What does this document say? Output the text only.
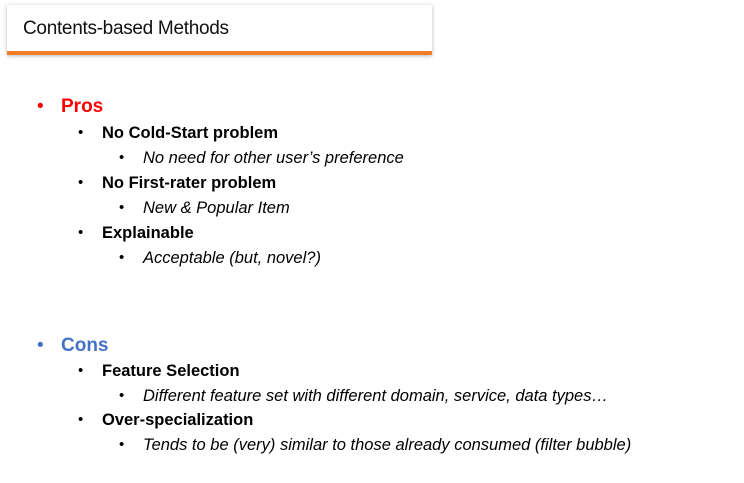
Contents-based Methods
• Pros
• No Cold-Start problem
• No need for other user’s preference
• No First-rater problem
• New & Popular Item
• Explainable
• Acceptable (but, novel?)
• Cons
• Feature Selection
• Different feature set with different domain, service, data types…
• Over-specialization
• Tends to be (very) similar to those already consumed (filter bubble)
